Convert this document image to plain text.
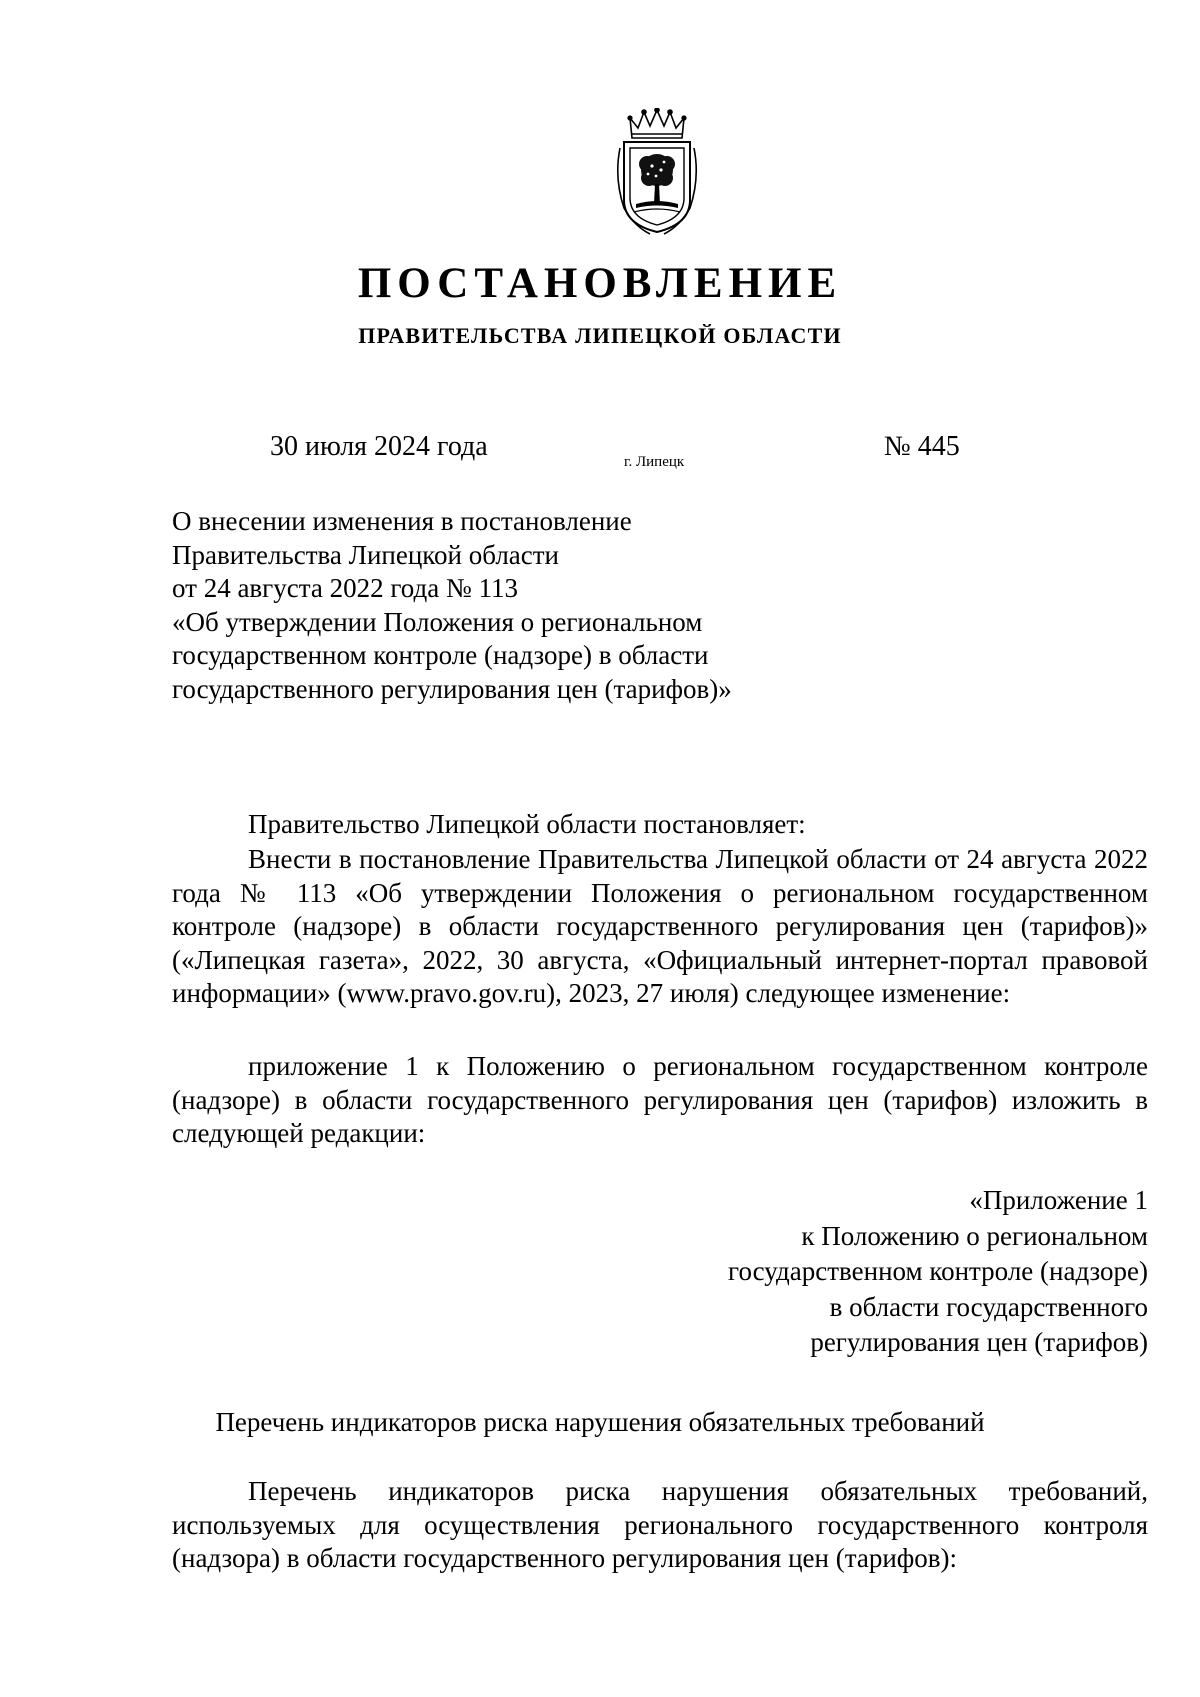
ПОСТАНОВЛЕНИЕ
ПРАВИТЕЛЬСТВА ЛИПЕЦКОЙ ОБЛАСТИ
30 июля 2024 года	г. Липецк	№ 445
О внесении изменения в постановление
Правительства Липецкой области
от 24 августа 2022 года № 113
«Об утверждении Положения о региональном
государственном контроле (надзоре) в области
государственного регулирования цен (тарифов)»
Правительство Липецкой области постановляет:
Внести в постановление Правительства Липецкой области от 24 августа 2022 года № 113 «Об утверждении Положения о региональном государственном контроле (надзоре) в области государственного регулирования цен (тарифов)» («Липецкая газета», 2022, 30 августа, «Официальный интернет-портал правовой информации» (www.pravo.gov.ru), 2023, 27 июля) следующее изменение:
приложение 1 к Положению о региональном государственном контроле (надзоре) в области государственного регулирования цен (тарифов) изложить в следующей редакции:
«Приложение 1
к Положению о региональном
государственном контроле (надзоре)
в области государственного
регулирования цен (тарифов)
Перечень индикаторов риска нарушения обязательных требований
Перечень индикаторов риска нарушения обязательных требований, используемых для осуществления регионального государственного контроля (надзора) в области государственного регулирования цен (тарифов):
